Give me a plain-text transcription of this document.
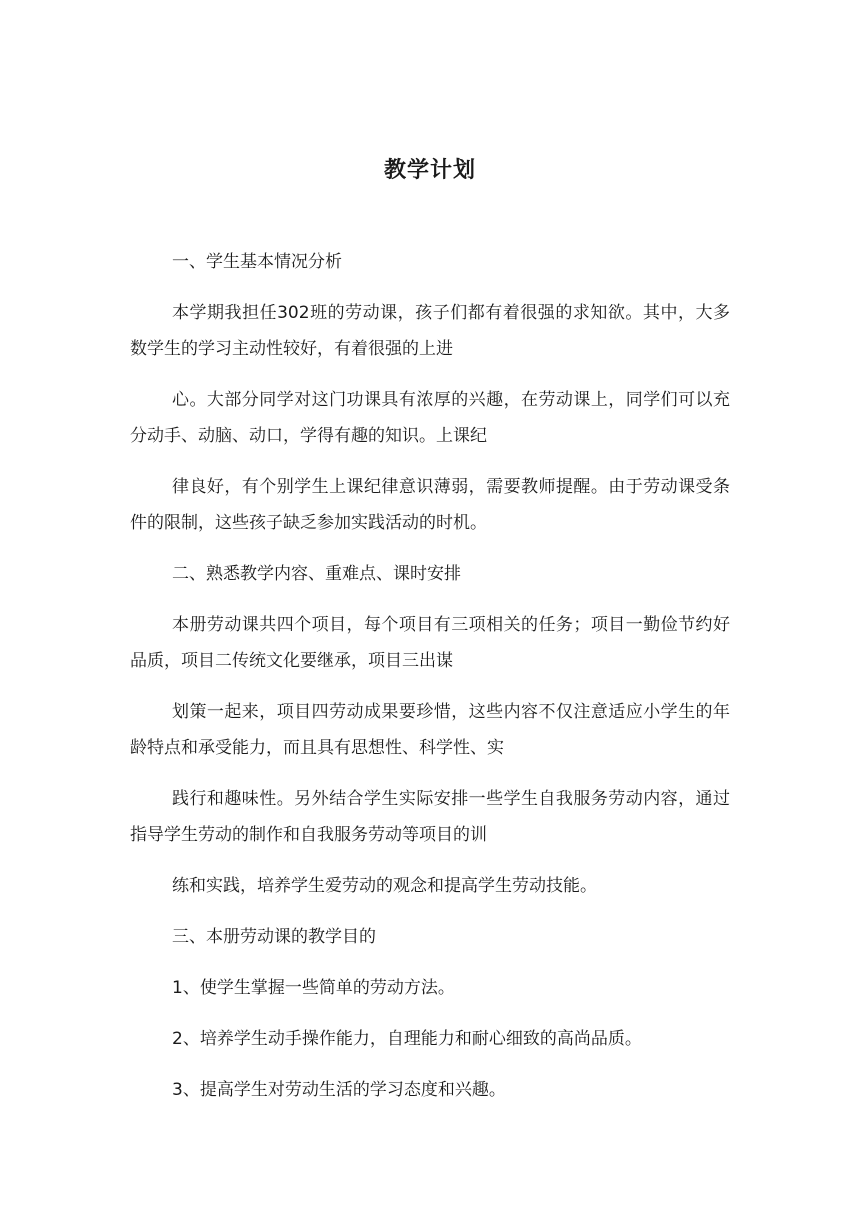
教学计划

一、学生基本情况分析

本学期我担任302班的劳动课，孩子们都有着很强的求知欲。其中，大多数学生的学习主动性较好，有着很强的上进

心。大部分同学对这门功课具有浓厚的兴趣，在劳动课上，同学们可以充分动手、动脑、动口，学得有趣的知识。上课纪

律良好，有个别学生上课纪律意识薄弱，需要教师提醒。由于劳动课受条件的限制，这些孩子缺乏参加实践活动的时机。

二、熟悉教学内容、重难点、课时安排

本册劳动课共四个项目，每个项目有三项相关的任务；项目一勤俭节约好品质，项目二传统文化要继承，项目三出谋

划策一起来，项目四劳动成果要珍惜，这些内容不仅注意适应小学生的年龄特点和承受能力，而且具有思想性、科学性、实

践行和趣味性。另外结合学生实际安排一些学生自我服务劳动内容，通过指导学生劳动的制作和自我服务劳动等项目的训

练和实践，培养学生爱劳动的观念和提高学生劳动技能。

三、本册劳动课的教学目的

1、使学生掌握一些简单的劳动方法。

2、培养学生动手操作能力，自理能力和耐心细致的高尚品质。

3、提高学生对劳动生活的学习态度和兴趣。
